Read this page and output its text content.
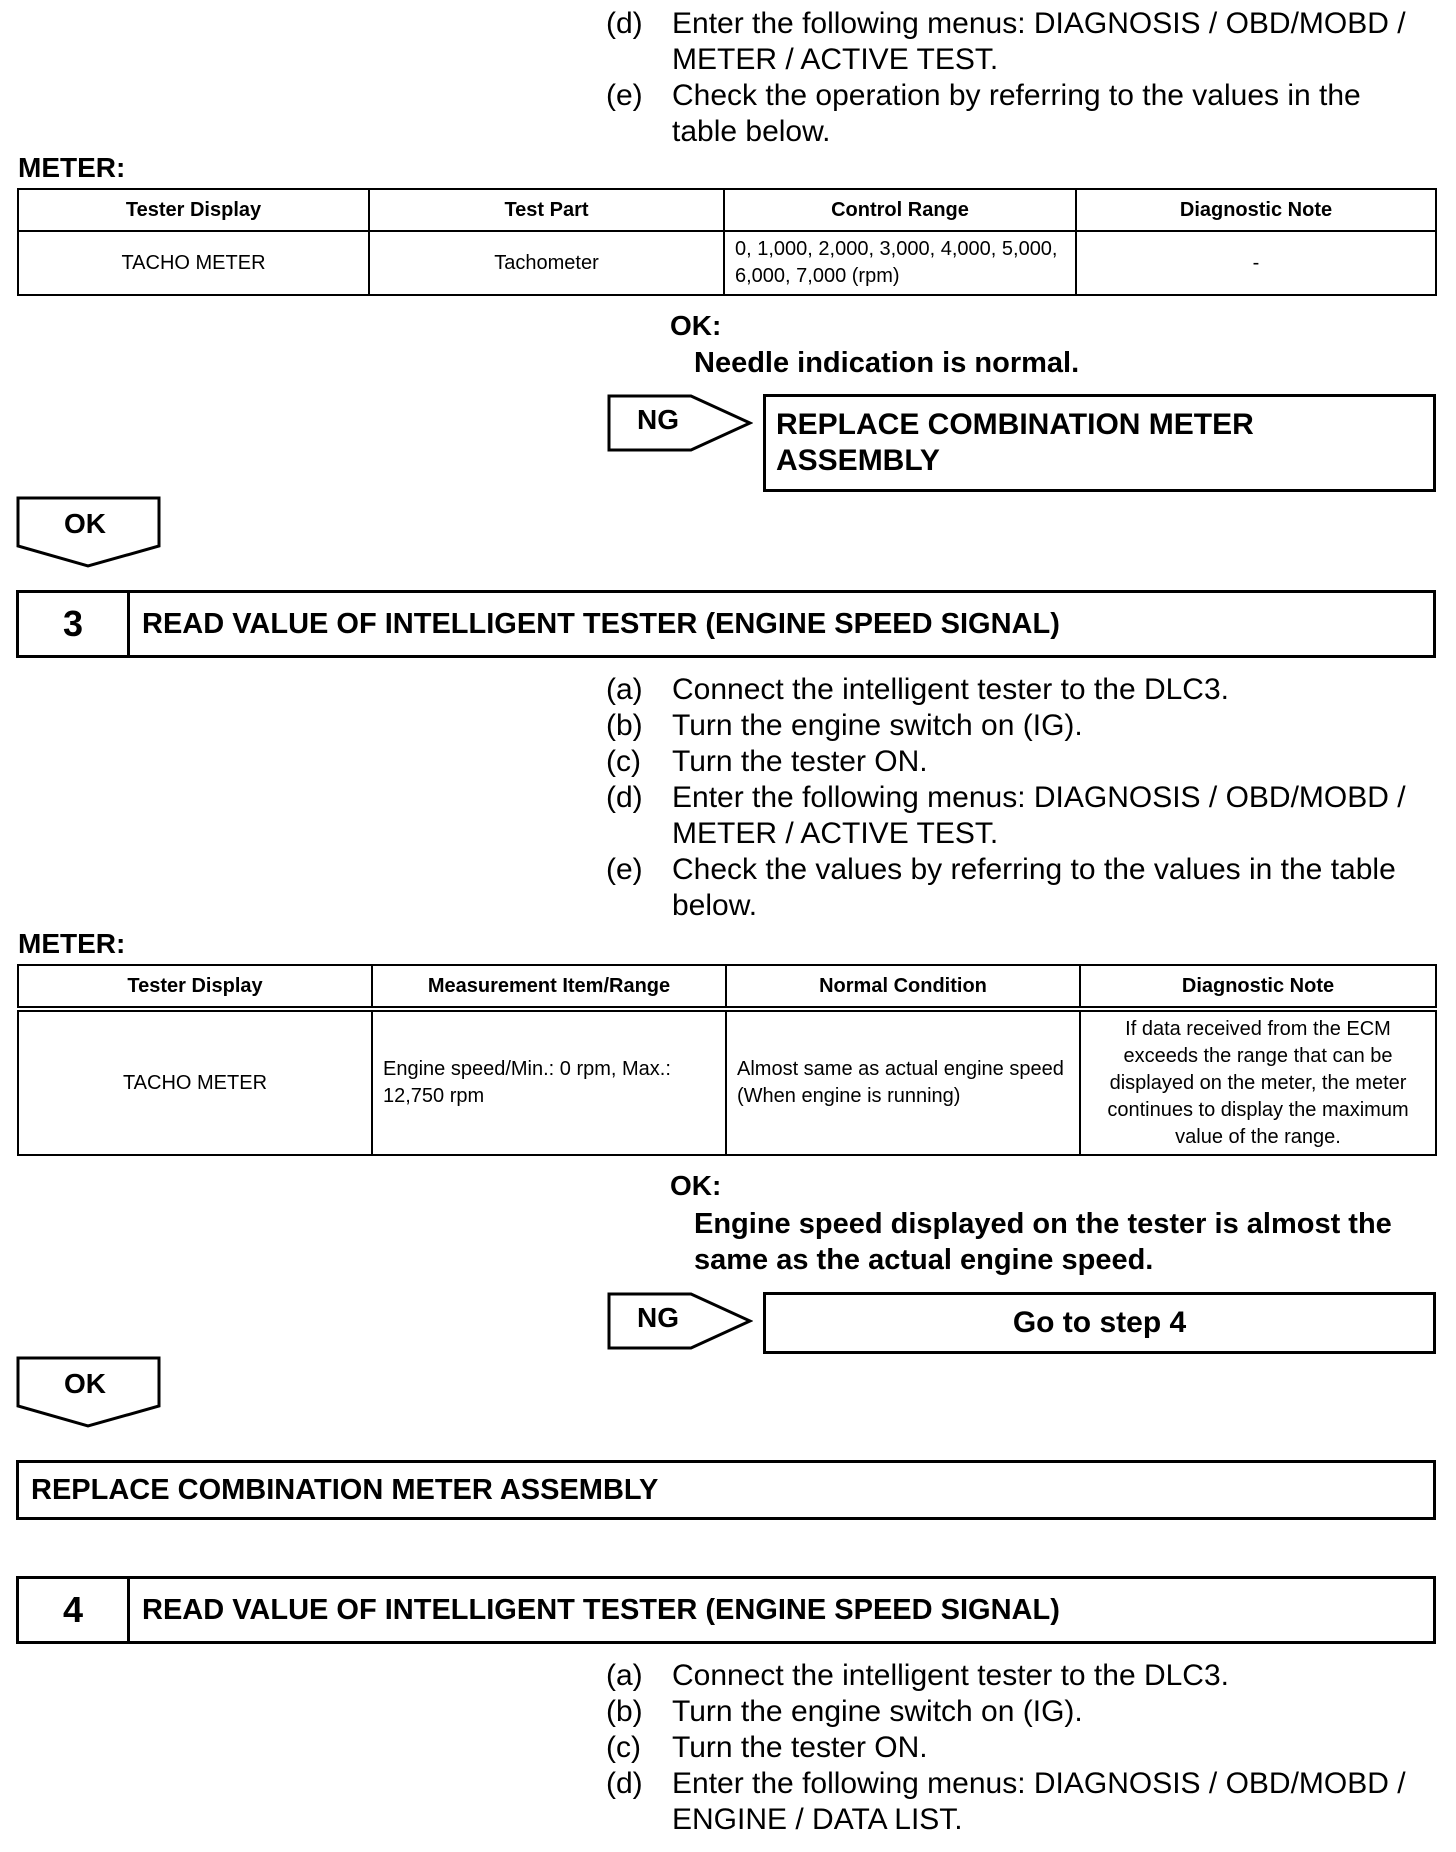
(d) Enter the following menus: DIAGNOSIS / OBD/MOBD / METER / ACTIVE TEST.
(e) Check the operation by referring to the values in the table below.
METER:
Tester Display	Test Part	Control Range	Diagnostic Note
TACHO METER	Tachometer	0, 1,000, 2,000, 3,000, 4,000, 5,000, 6,000, 7,000 (rpm)	-
OK:
Needle indication is normal.
NG	REPLACE COMBINATION METER ASSEMBLY
OK
3	READ VALUE OF INTELLIGENT TESTER (ENGINE SPEED SIGNAL)
(a) Connect the intelligent tester to the DLC3.
(b) Turn the engine switch on (IG).
(c) Turn the tester ON.
(d) Enter the following menus: DIAGNOSIS / OBD/MOBD / METER / ACTIVE TEST.
(e) Check the values by referring to the values in the table below.
METER:
Tester Display	Measurement Item/Range	Normal Condition	Diagnostic Note
TACHO METER	Engine speed/Min.: 0 rpm, Max.: 12,750 rpm	Almost same as actual engine speed (When engine is running)	If data received from the ECM exceeds the range that can be displayed on the meter, the meter continues to display the maximum value of the range.
OK:
Engine speed displayed on the tester is almost the same as the actual engine speed.
NG	Go to step 4
OK
REPLACE COMBINATION METER ASSEMBLY
4	READ VALUE OF INTELLIGENT TESTER (ENGINE SPEED SIGNAL)
(a) Connect the intelligent tester to the DLC3.
(b) Turn the engine switch on (IG).
(c) Turn the tester ON.
(d) Enter the following menus: DIAGNOSIS / OBD/MOBD / ENGINE / DATA LIST.
